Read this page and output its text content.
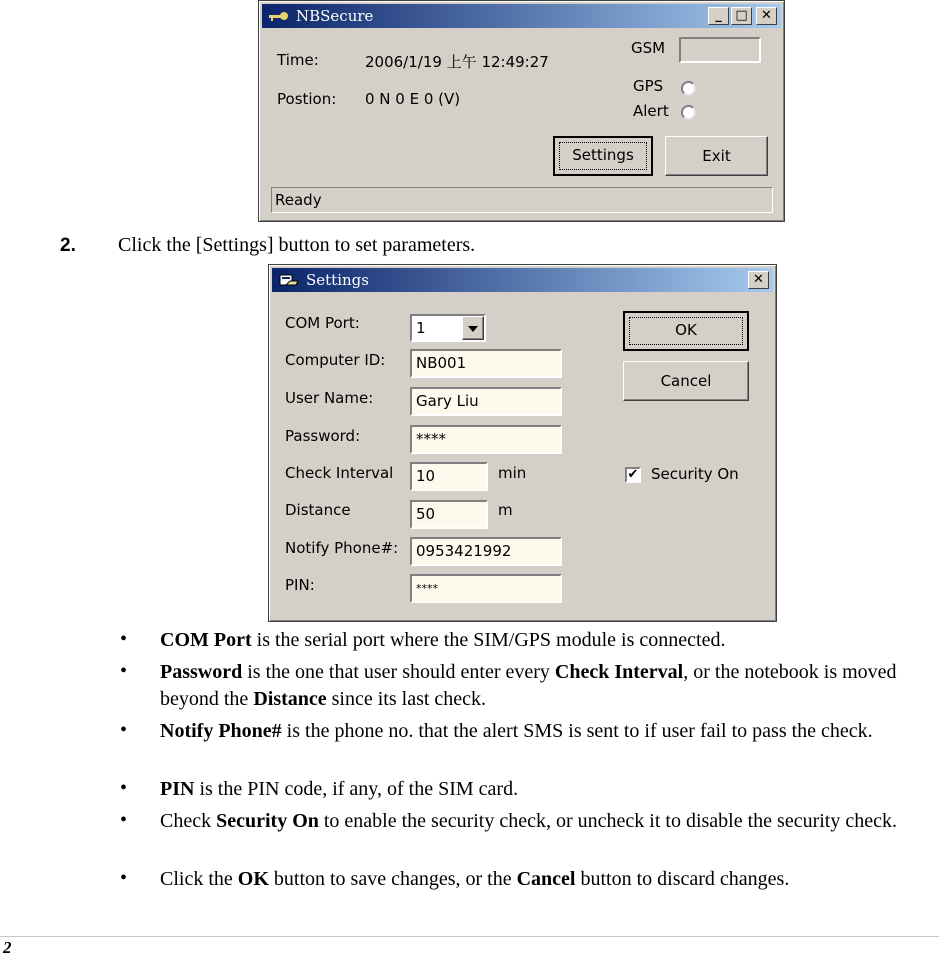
NBSecure	_	□	✕
Time:	2006/1/19 上午 12:49:27
Postion: 0 N 0 E 0 (V)
GSM
GPS
Alert
Settings	Exit
Ready
2. Click the [Settings] button to set parameters.
Settings	✕
COM Port:	1
Computer ID:	NB001
User Name:	Gary Liu
Password:	****
Check Interval	10	min
Distance	50	m
Notify Phone#:	0953421992
PIN:	****
OK
Cancel
✔ Security On
• COM Port is the serial port where the SIM/GPS module is connected.
• Password is the one that user should enter every Check Interval, or the notebook is moved beyond the Distance since its last check.
• Notify Phone# is the phone no. that the alert SMS is sent to if user fail to pass the check.
• PIN is the PIN code, if any, of the SIM card.
• Check Security On to enable the security check, or uncheck it to disable the security check.
• Click the OK button to save changes, or the Cancel button to discard changes.
2
